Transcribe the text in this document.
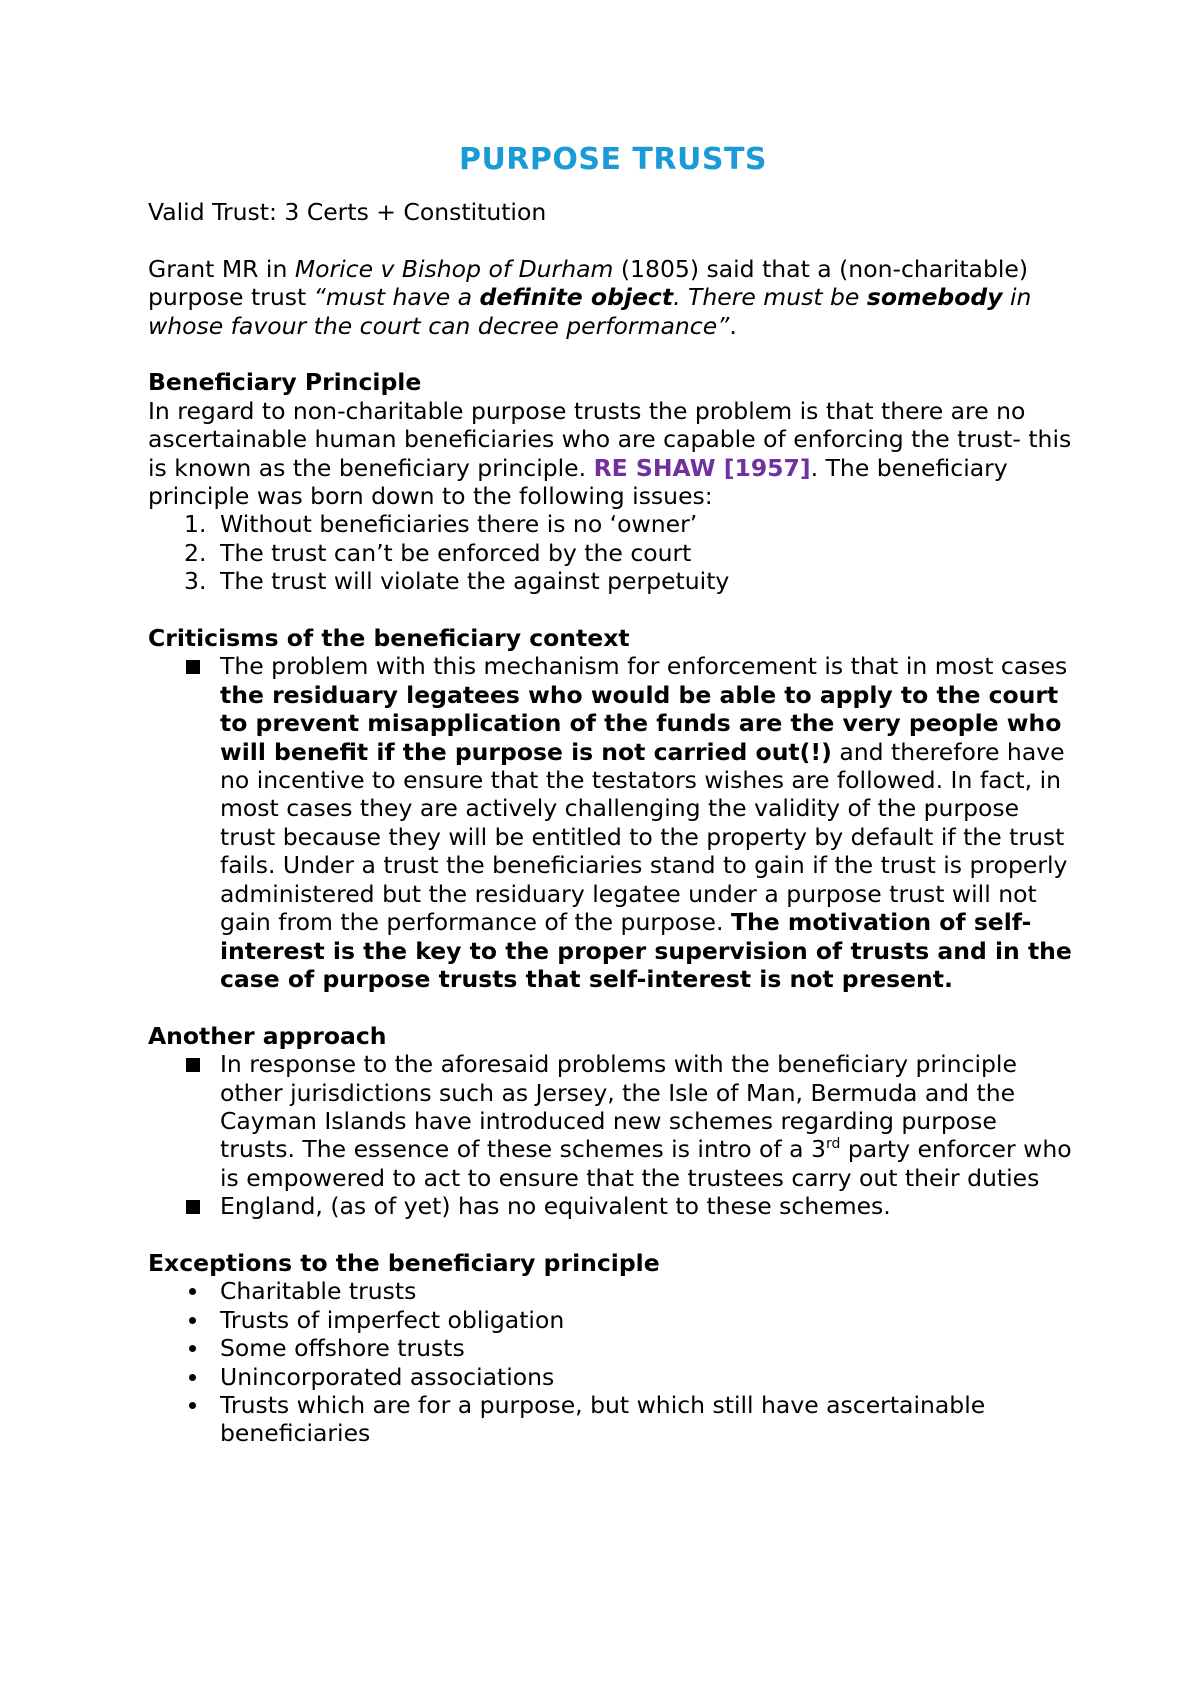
PURPOSE TRUSTS

Valid Trust: 3 Certs + Constitution

Grant MR in Morice v Bishop of Durham (1805) said that a (non-charitable) purpose trust “must have a definite object. There must be somebody in whose favour the court can decree performance”.

Beneficiary Principle

In regard to non-charitable purpose trusts the problem is that there are no ascertainable human beneficiaries who are capable of enforcing the trust- this is known as the beneficiary principle. RE SHAW [1957]. The beneficiary principle was born down to the following issues:

1. Without beneficiaries there is no ‘owner’
2. The trust can’t be enforced by the court
3. The trust will violate the against perpetuity

Criticisms of the beneficiary context

The problem with this mechanism for enforcement is that in most cases the residuary legatees who would be able to apply to the court to prevent misapplication of the funds are the very people who will benefit if the purpose is not carried out(!) and therefore have no incentive to ensure that the testators wishes are followed. In fact, in most cases they are actively challenging the validity of the purpose trust because they will be entitled to the property by default if the trust fails. Under a trust the beneficiaries stand to gain if the trust is properly administered but the residuary legatee under a purpose trust will not gain from the performance of the purpose. The motivation of self-interest is the key to the proper supervision of trusts and in the case of purpose trusts that self-interest is not present.

Another approach

In response to the aforesaid problems with the beneficiary principle other jurisdictions such as Jersey, the Isle of Man, Bermuda and the Cayman Islands have introduced new schemes regarding purpose trusts. The essence of these schemes is intro of a 3rd party enforcer who is empowered to act to ensure that the trustees carry out their duties
England, (as of yet) has no equivalent to these schemes.

Exceptions to the beneficiary principle

Charitable trusts
Trusts of imperfect obligation
Some offshore trusts
Unincorporated associations
Trusts which are for a purpose, but which still have ascertainable beneficiaries
